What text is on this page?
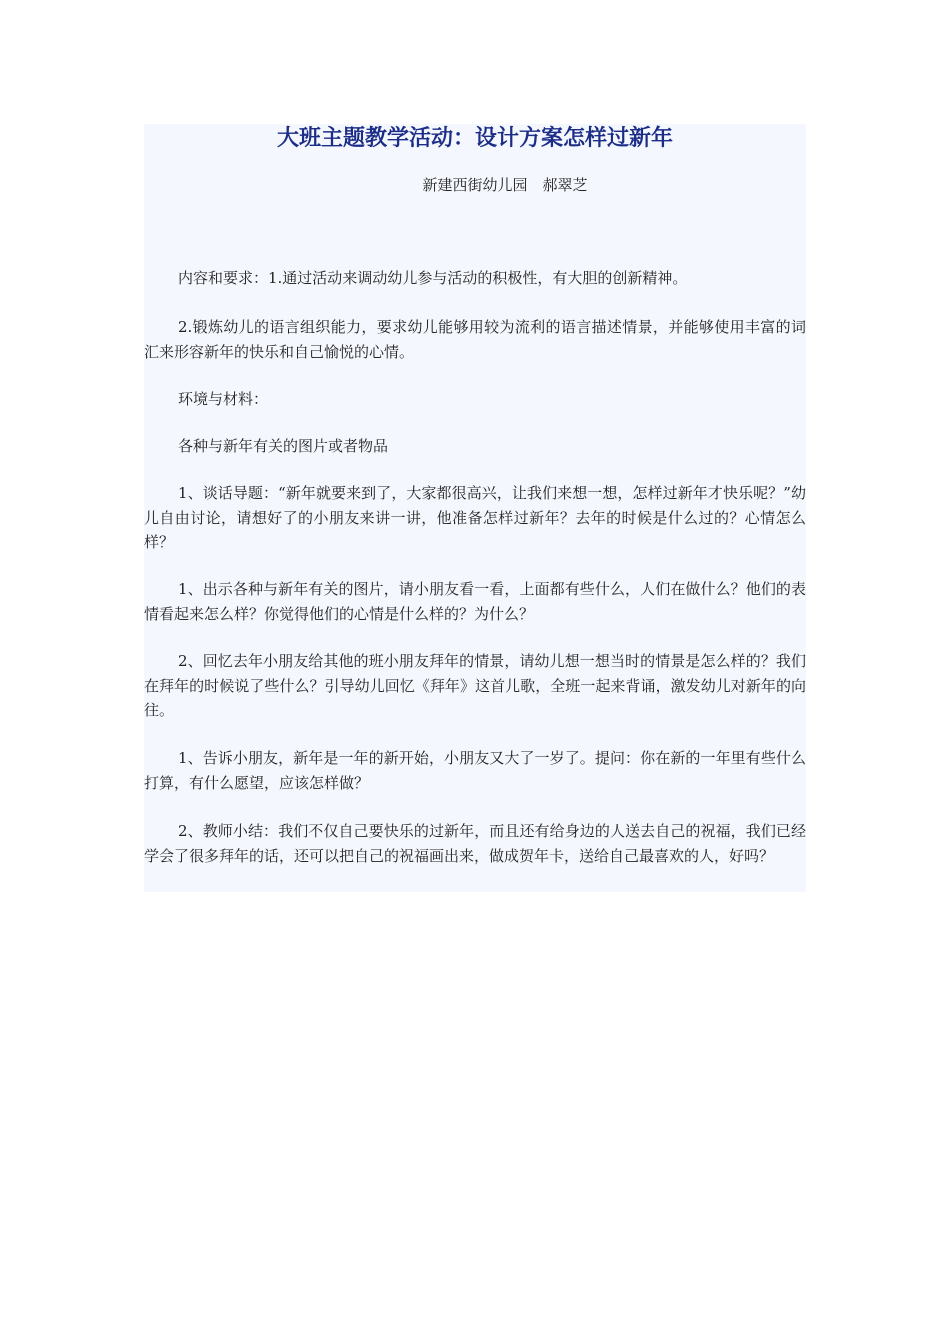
大班主题教学活动：设计方案怎样过新年
新建西街幼儿园　郝翠芝

内容和要求：1.通过活动来调动幼儿参与活动的积极性，有大胆的创新精神。

2.锻炼幼儿的语言组织能力，要求幼儿能够用较为流利的语言描述情景，并能够使用丰富的词汇来形容新年的快乐和自己愉悦的心情。

环境与材料：

各种与新年有关的图片或者物品

1、谈话导题：“新年就要来到了，大家都很高兴，让我们来想一想，怎样过新年才快乐呢？”幼儿自由讨论，请想好了的小朋友来讲一讲，他准备怎样过新年？去年的时候是什么过的？心情怎么样？

1、出示各种与新年有关的图片，请小朋友看一看，上面都有些什么，人们在做什么？他们的表情看起来怎么样？你觉得他们的心情是什么样的？为什么？

2、回忆去年小朋友给其他的班小朋友拜年的情景，请幼儿想一想当时的情景是怎么样的？我们在拜年的时候说了些什么？引导幼儿回忆《拜年》这首儿歌，全班一起来背诵，激发幼儿对新年的向往。

1、告诉小朋友，新年是一年的新开始，小朋友又大了一岁了。提问：你在新的一年里有些什么打算，有什么愿望，应该怎样做？

2、教师小结：我们不仅自己要快乐的过新年，而且还有给身边的人送去自己的祝福，我们已经学会了很多拜年的话，还可以把自己的祝福画出来，做成贺年卡，送给自己最喜欢的人，好吗？
